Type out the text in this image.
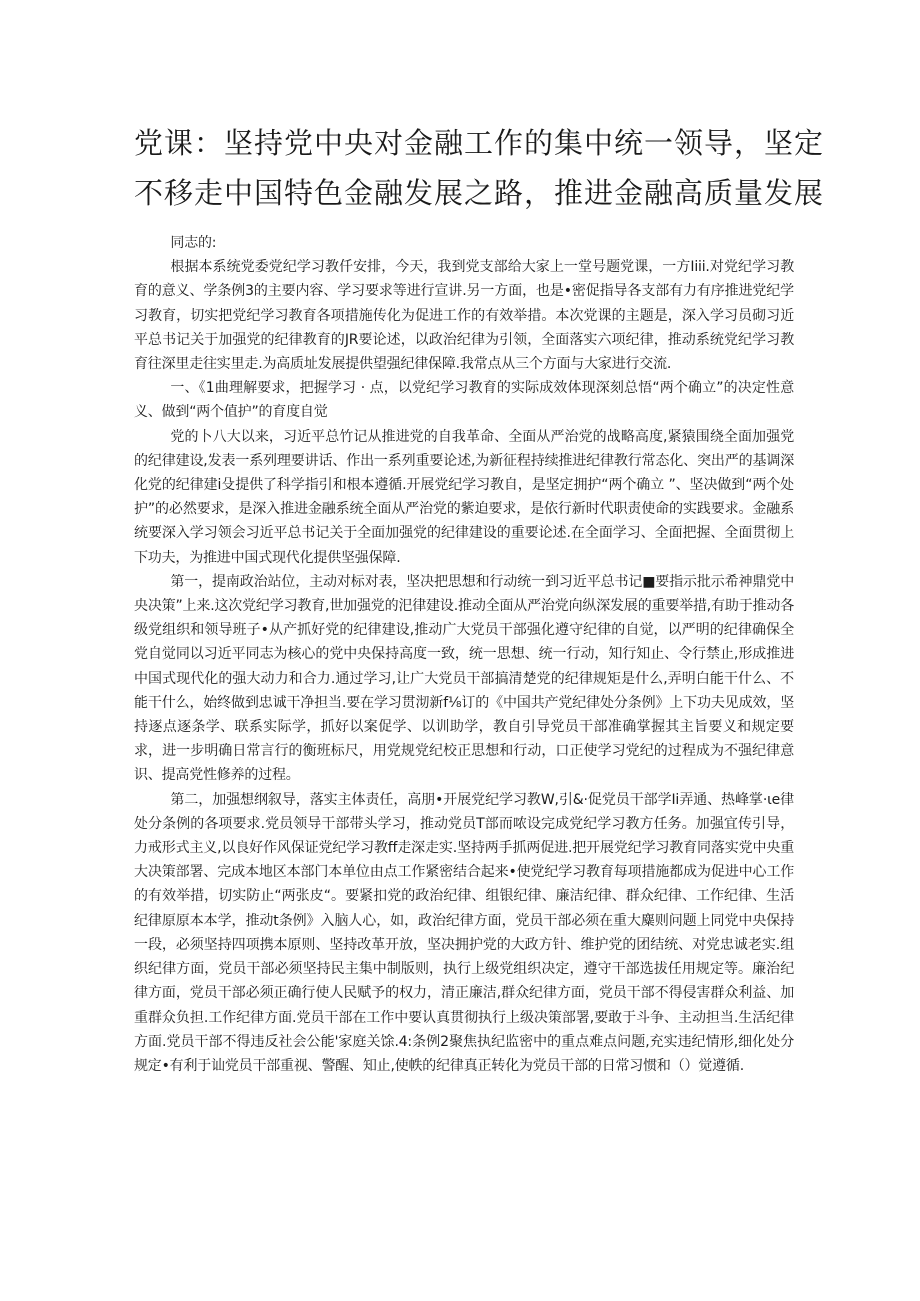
党课：坚持党中央对金融工作的集中统一领导，坚定
不移走中国特色金融发展之路，推进金融高质量发展

同志的:

根据本系统党委党纪学习教仟安排，今天，我到党支部给大家上一堂号题党课，一方Iiii.对党纪学习教育的意义、学条例3的主要内容、学习要求等进行宣讲.另一方面，也是•密促指导各支部有力有序推进党纪学习教育，切实把党纪学习教育各项措施传化为促进工作的有效举措。本次党课的主题是，深入学习员砌习近平总书记关于加强党的纪律教育的JR要论述，以政治纪律为引领，全面落实六项纪律，推动系统党纪学习教育往深里走往实里走.为高质址发展提供望强纪律保障.我常点从三个方面与大家进行交流.

一、《1曲理解要求，把握学习 · 点，以党纪学习教育的实际成效体现深刻总悟“两个确立”的决定性意义、做到“两个值护”的育度自觉

党的卜八大以来，习近平总竹记从推进党的自我革命、全面从严治党的战略高度,紧猿围绕全面加强党的纪律建设,发表一系列理要讲话、作出一系列重要论述,为新征程持续推进纪律教行常态化、突出严的基调深化党的纪律建i殳提供了科学指引和根本遵循.开展党纪学习教自，是坚定拥护“两个确立 ”、坚决做到“两个处护”的必然要求，是深入推进金融系统全面从严治党的紫迫要求，是依行新时代职责使命的实践要求。金融系统要深入学习领会习近平总书记关于全面加强党的纪律建设的重要论述.在全面学习、全面把握、全面贯彻上下功夫，为推进中国式现代化提供坚强保障.

第一，提南政治站位，主动对标对表，坚决把思想和行动统一到习近平总书记■要指示批示希神鼎党中央决策”上来.这次党纪学习教育,世加强党的汜律建设.推动全面从严治党向纵深发展的重要举措,有助于推动各级党组织和领导班子•从产抓好党的纪律建设,推动广大党员干部强化遵守纪律的自觉，以严明的纪律确保全党自觉同以习近平同志为核心的党中央保持高度一致，统一思想、统一行动，知行知止、令行禁止,形成推进中国式现代化的强大动力和合力.通过学习,让广大党员干部搞清楚党的纪律规矩是什么,弄明白能干什么、不能干什么，始终做到忠诚干净担当.要在学习贯沏新f⅛订的《中国共产党纪律处分条例》上下功夫见成效，坚持逐点逐条学、联系实际学，抓好以案促学、以训助学，教自引导党员干部准确掌握其主旨要义和规定要求，进一步明确日常言行的衡班标尺，用党规党纪校正思想和行动，口正使学习党纪的过程成为不强纪律意识、提高党性修养的过程。

第二，加强想纲叙导，落实主体责任，高朋•开展党纪学习教W,引&·促党员干部学Ii弄通、热峰掌·ιe律处分条例的各项要求.党员领导干部带头学习，推动党员T部而哝设完成党纪学习教方任务。加强宜传引导，力戒形式主义,以良好作风保证党纪学习教ff走深走实.坚持两手抓两促进.把开展党纪学习教育同落实党中央重大决策部署、完成本地区本部门本单位由点工作紧密结合起来•使党纪学习教育每项措施都成为促进中心工作的有效举措，切实防止“两张皮“。要紧扣党的政治纪律、组银纪律、廉洁纪律、群众纪律、工作纪律、生活纪律原原本本学，推动t条例》入脑人心，如，政治纪律方面，党员干部必须在重大麋则问题上同党中央保持一段，必须坚持四项携本原则、坚持改革开放，坚决拥护党的大政方针、维护党的团结统、对党忠诚老实.组织纪律方面，党员干部必须坚持民主集中制版则，执行上级党组织决定，遵守干部选拔任用规定等。廉治纪律方面，党员干部必须正确行使人民赋予的权力，清正廉洁,群众纪律方面，党员干部不得侵害群众利益、加重群众负担.工作纪律方面.党员干部在工作中要认真贯彻执行上级决策部署,要敢于斗争、主动担当.生活纪律方面.党员干部不得违反社会公能'家庭关馀.4:条例2聚焦执纪监密中的重点难点问题,充实违纪情形,细化处分规定•有利于讪党员干部重视、警醒、知止,使帙的纪律真正转化为党员干部的日常习惯和（）觉遵循.
